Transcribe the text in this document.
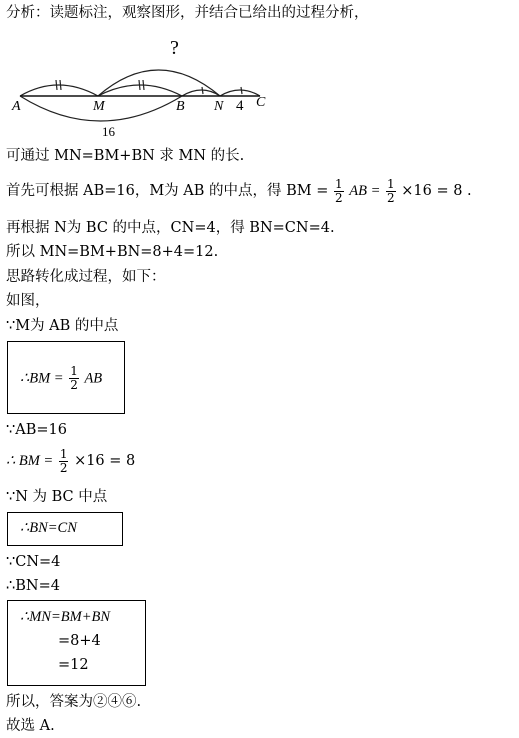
分析：读题标注，观察图形，并结合已给出的过程分析，
?
A	M	B N 4 C
16
可通过 MN=BM+BN 求 MN 的长.
首先可根据 AB=16，M为 AB 的中点，得 BM = $\frac{1}{2}$ AB = $\frac{1}{2} \times 16 = 8$ .
再根据 N为 BC 的中点，CN=4，得 BN=CN=4.
所以 MN=BM+BN=8+4=12.
思路转化成过程，如下：
如图，
∵M为 AB 的中点
∴BM = $\frac{1}{2}$ AB
∵AB=16
∴ BM = $\frac{1}{2} \times 16 = 8$
∵N 为 BC 中点
∴BN=CN
∵CN=4
∴BN=4
∴MN=BM+BN
=8+4
=12
所以，答案为②④⑥.
故选 A.
